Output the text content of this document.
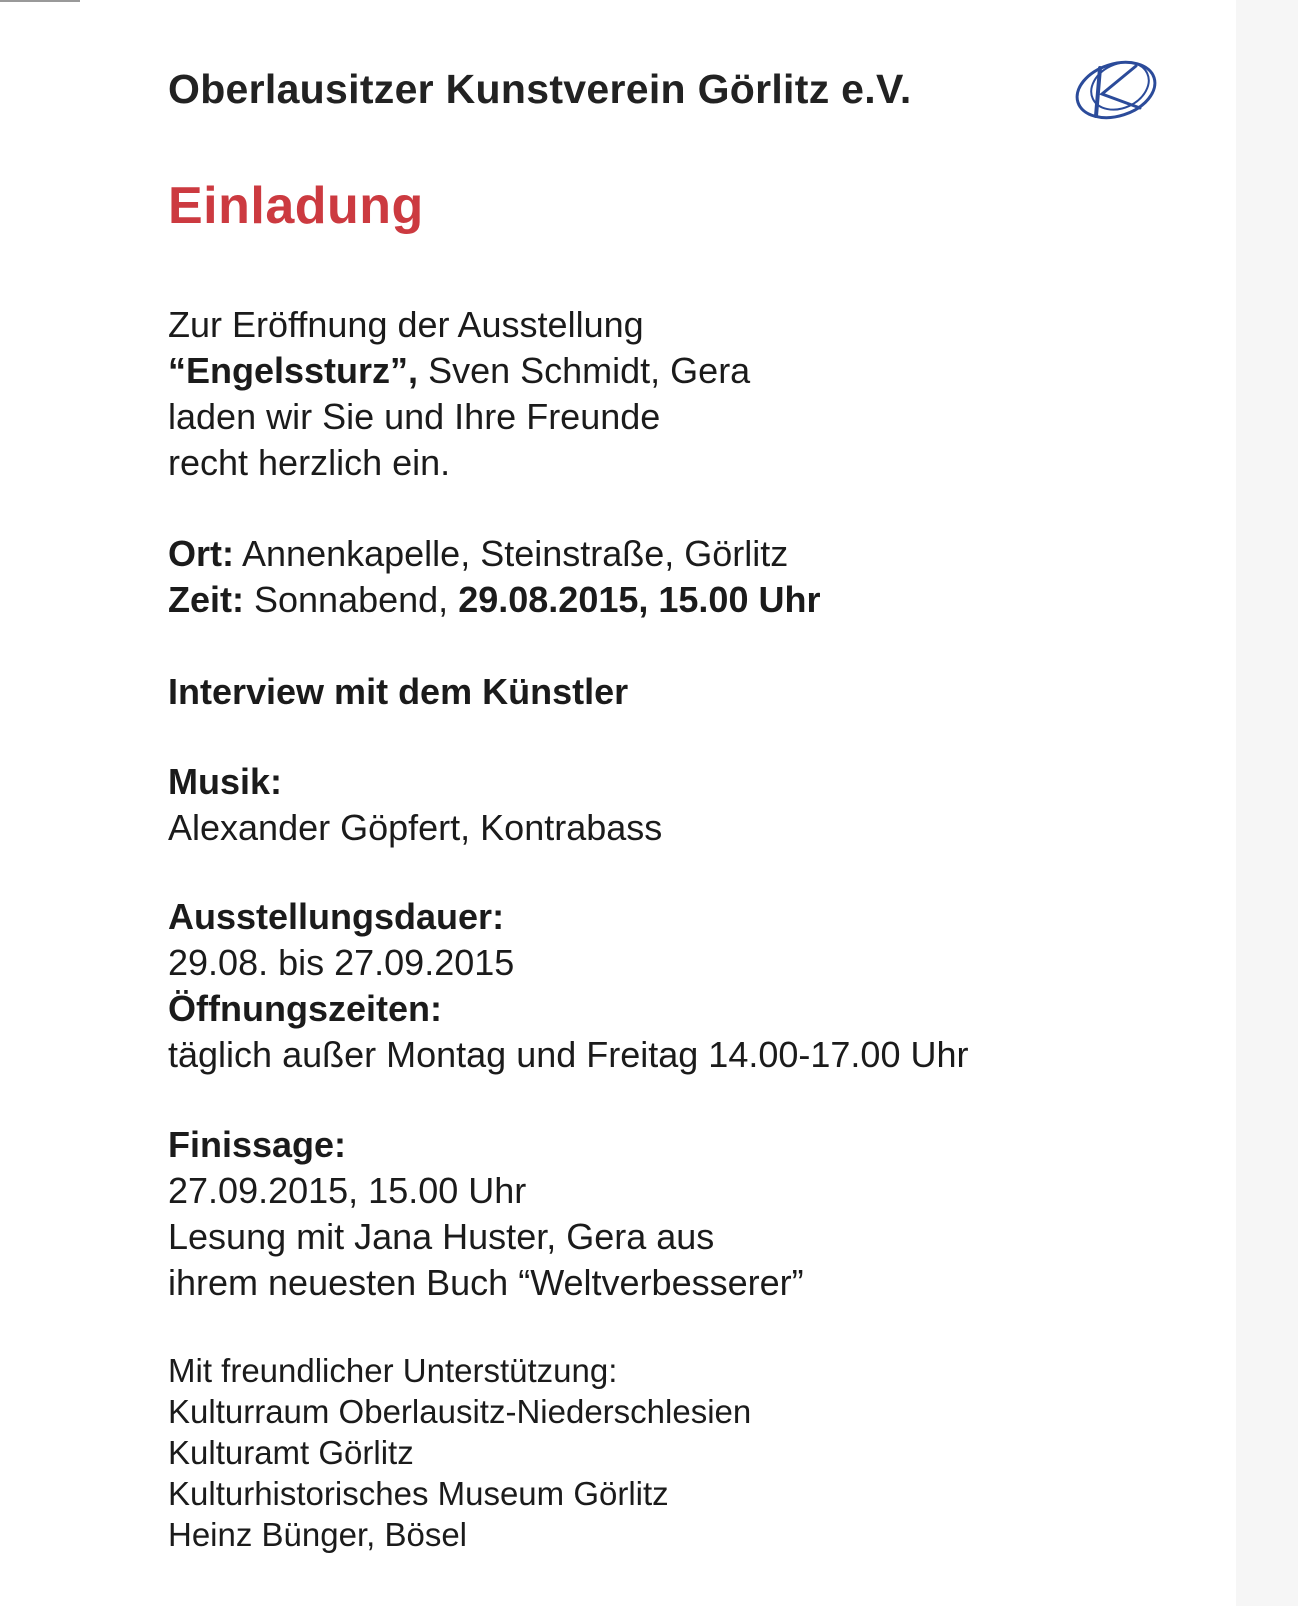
Oberlausitzer Kunstverein Görlitz e.V.
Einladung
Zur Eröffnung der Ausstellung
“Engelssturz”, Sven Schmidt, Gera
laden wir Sie und Ihre Freunde
recht herzlich ein.
Ort: Annenkapelle, Steinstraße, Görlitz
Zeit: Sonnabend, 29.08.2015, 15.00 Uhr
Interview mit dem Künstler
Musik:
Alexander Göpfert, Kontrabass
Ausstellungsdauer:
29.08. bis 27.09.2015
Öffnungszeiten:
täglich außer Montag und Freitag 14.00-17.00 Uhr
Finissage:
27.09.2015, 15.00 Uhr
Lesung mit Jana Huster, Gera aus
ihrem neuesten Buch “Weltverbesserer”
Mit freundlicher Unterstützung:
Kulturraum Oberlausitz-Niederschlesien
Kulturamt Görlitz
Kulturhistorisches Museum Görlitz
Heinz Bünger, Bösel
